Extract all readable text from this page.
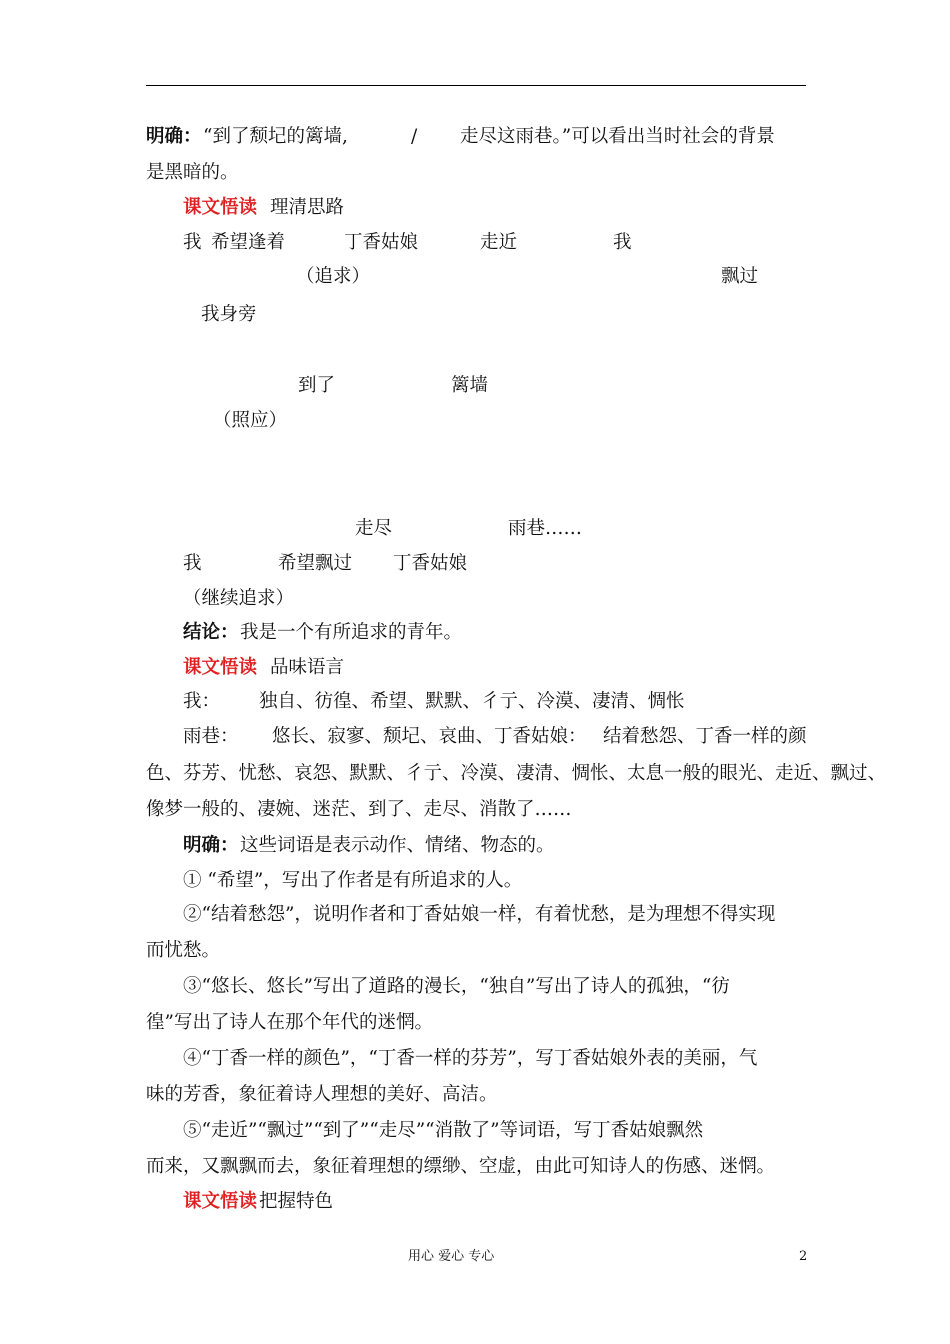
明确： “到了颓圮的篱墙,	/ 走尽这雨巷。”可以看出当时社会的背景
是黑暗的。
课文悟读 理清思路
我 希望逢着	丁香姑娘	走近	我
（追求）	飘过
我身旁
到了	篱墙
（照应）
走尽	雨巷……
我	希望飘过 丁香姑娘
（继续追求）
结论： 我是一个有所追求的青年。
课文悟读 品味语言
我： 独自、彷徨、希望、默默、彳亍、冷漠、凄清、惆怅
雨巷： 悠长、寂寥、颓圮、哀曲、丁香姑娘： 结着愁怨、丁香一样的颜
色、芬芳、忧愁、哀怨、默默、彳亍、冷漠、凄清、惆怅、太息一般的眼光、走近、飘过、
像梦一般的、凄婉、迷茫、到了、走尽、消散了……
明确： 这些词语是表示动作、情绪、物态的。
① “希望”，写出了作者是有所追求的人。
②“结着愁怨”，说明作者和丁香姑娘一样，有着忧愁，是为理想不得实现
而忧愁。
③“悠长、悠长”写出了道路的漫长，“独自”写出了诗人的孤独，“彷
徨”写出了诗人在那个年代的迷惘。
④“丁香一样的颜色”，“丁香一样的芬芳”，写丁香姑娘外表的美丽，气
味的芳香，象征着诗人理想的美好、高洁。
⑤“走近”“飘过”“到了”“走尽”“消散了”等词语，写丁香姑娘飘然
而来，又飘飘而去，象征着理想的缥缈、空虚，由此可知诗人的伤感、迷惘。
课文悟读 把握特色
用心 爱心 专心	2
